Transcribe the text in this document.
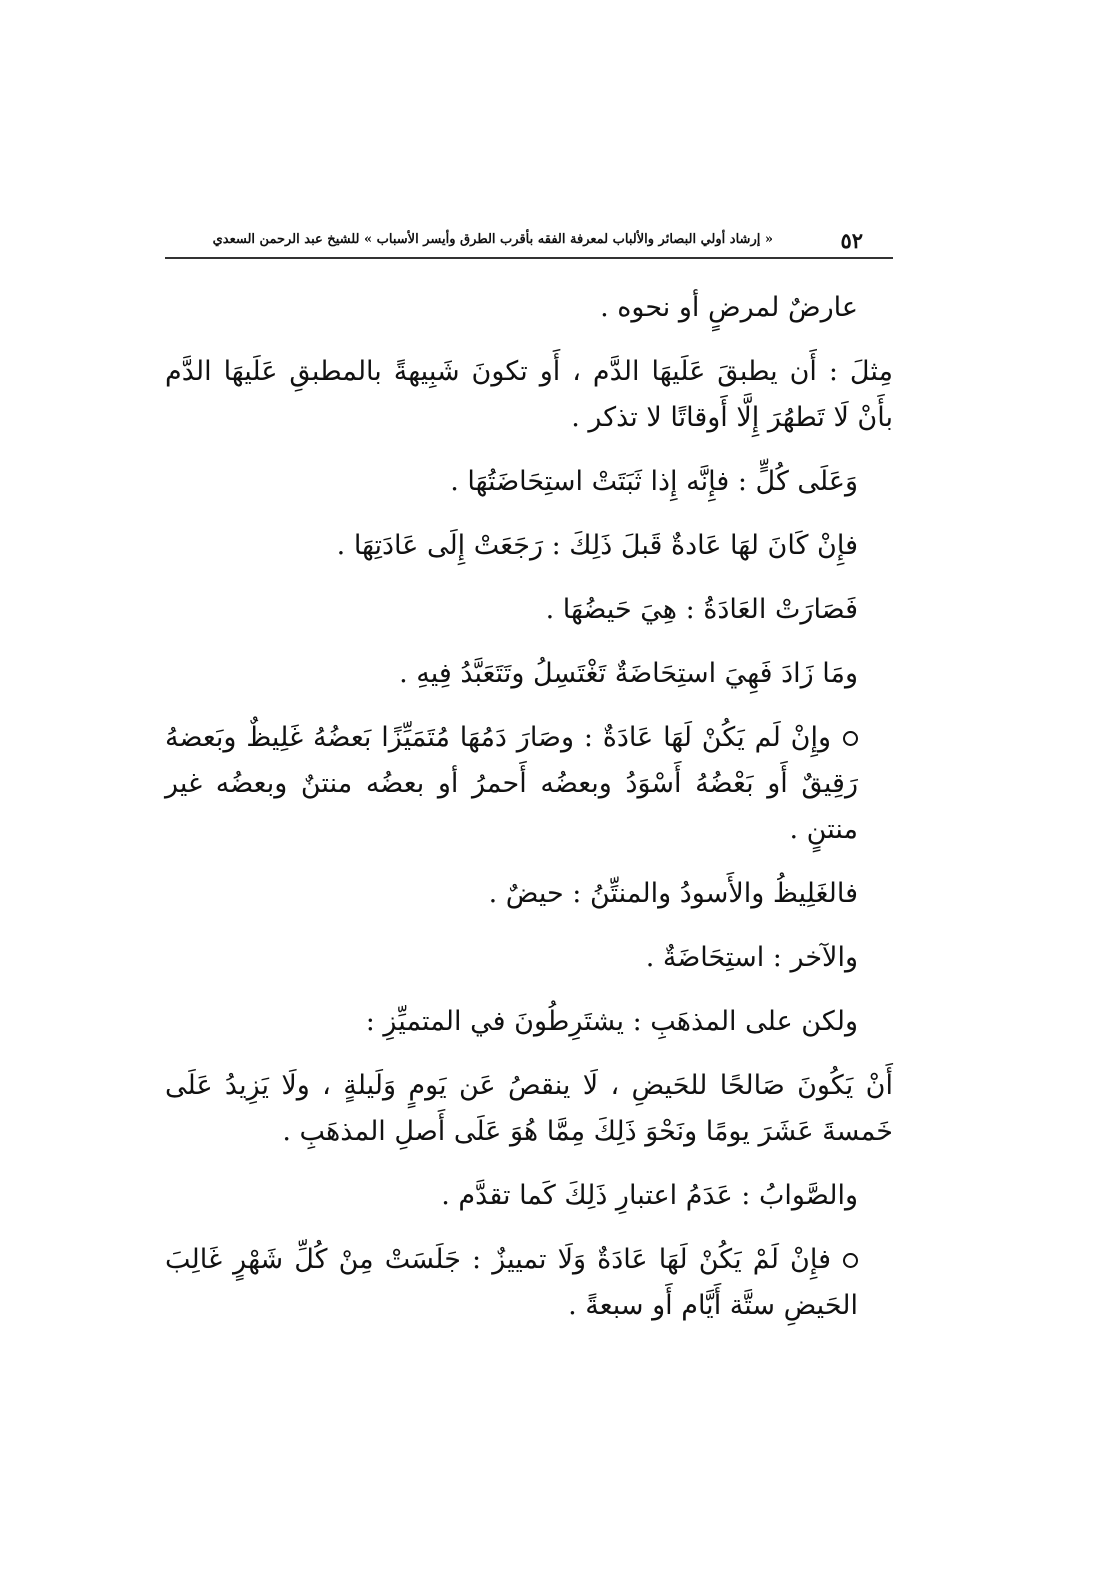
٥٢
« إرشاد أولي البصائر والألباب لمعرفة الفقه بأقرب الطرق وأيسر الأسباب » للشيخ عبد الرحمن السعدي

عارضٌ لمرضٍ أو نحوه .

مِثلَ : أَن يطبقَ عَلَيهَا الدَّم ، أَو تكونَ شَبِيهةً بالمطبقِ عَلَيهَا الدَّم بأَنْ لَا تَطهُرَ إِلَّا أَوقاتًا لا تذكر .

وَعَلَى كُلٍّ : فإِنَّه إِذا ثَبَتَتْ استِحَاضَتُهَا .

فإِنْ كَانَ لهَا عَادةٌ قَبلَ ذَلِكَ : رَجَعَتْ إِلَى عَادَتِهَا .

فَصَارَتْ العَادَةُ : هِيَ حَيضُهَا .

ومَا زَادَ فَهِيَ استِحَاضَةٌ تَغْتَسِلُ وتَتَعَبَّدُ فِيهِ .

وإِنْ لَم يَكُنْ لَهَا عَادَةٌ : وصَارَ دَمُهَا مُتَمَيِّزًا بَعضُهُ غَلِيظٌ وبَعضهُ رَقِيقٌ أَو بَعْضُهُ أَسْوَدُ وبعضُه أَحمرُ أو بعضُه منتنٌ وبعضُه غير منتنٍ .

فالغَلِيظُ والأَسودُ والمنتِّنُ : حيضٌ .

والآخر : استِحَاضَةٌ .

ولكن على المذهَبِ : يشتَرِطُونَ في المتميِّزِ :

أَنْ يَكُونَ صَالحًا للحَيضِ ، لَا ينقصُ عَن يَومٍ وَلَيلةٍ ، ولَا يَزِيدُ عَلَى خَمسةَ عَشَرَ يومًا ونَحْوَ ذَلِكَ مِمَّا هُوَ عَلَى أَصلِ المذهَبِ .

والصَّوابُ : عَدَمُ اعتبارِ ذَلِكَ كَما تقدَّم .

فإِنْ لَمْ يَكُنْ لَهَا عَادَةٌ وَلَا تمييزٌ : جَلَسَتْ مِنْ كُلِّ شَهْرٍ غَالِبَ الحَيضِ ستَّة أَيَّام أَو سبعةً .
